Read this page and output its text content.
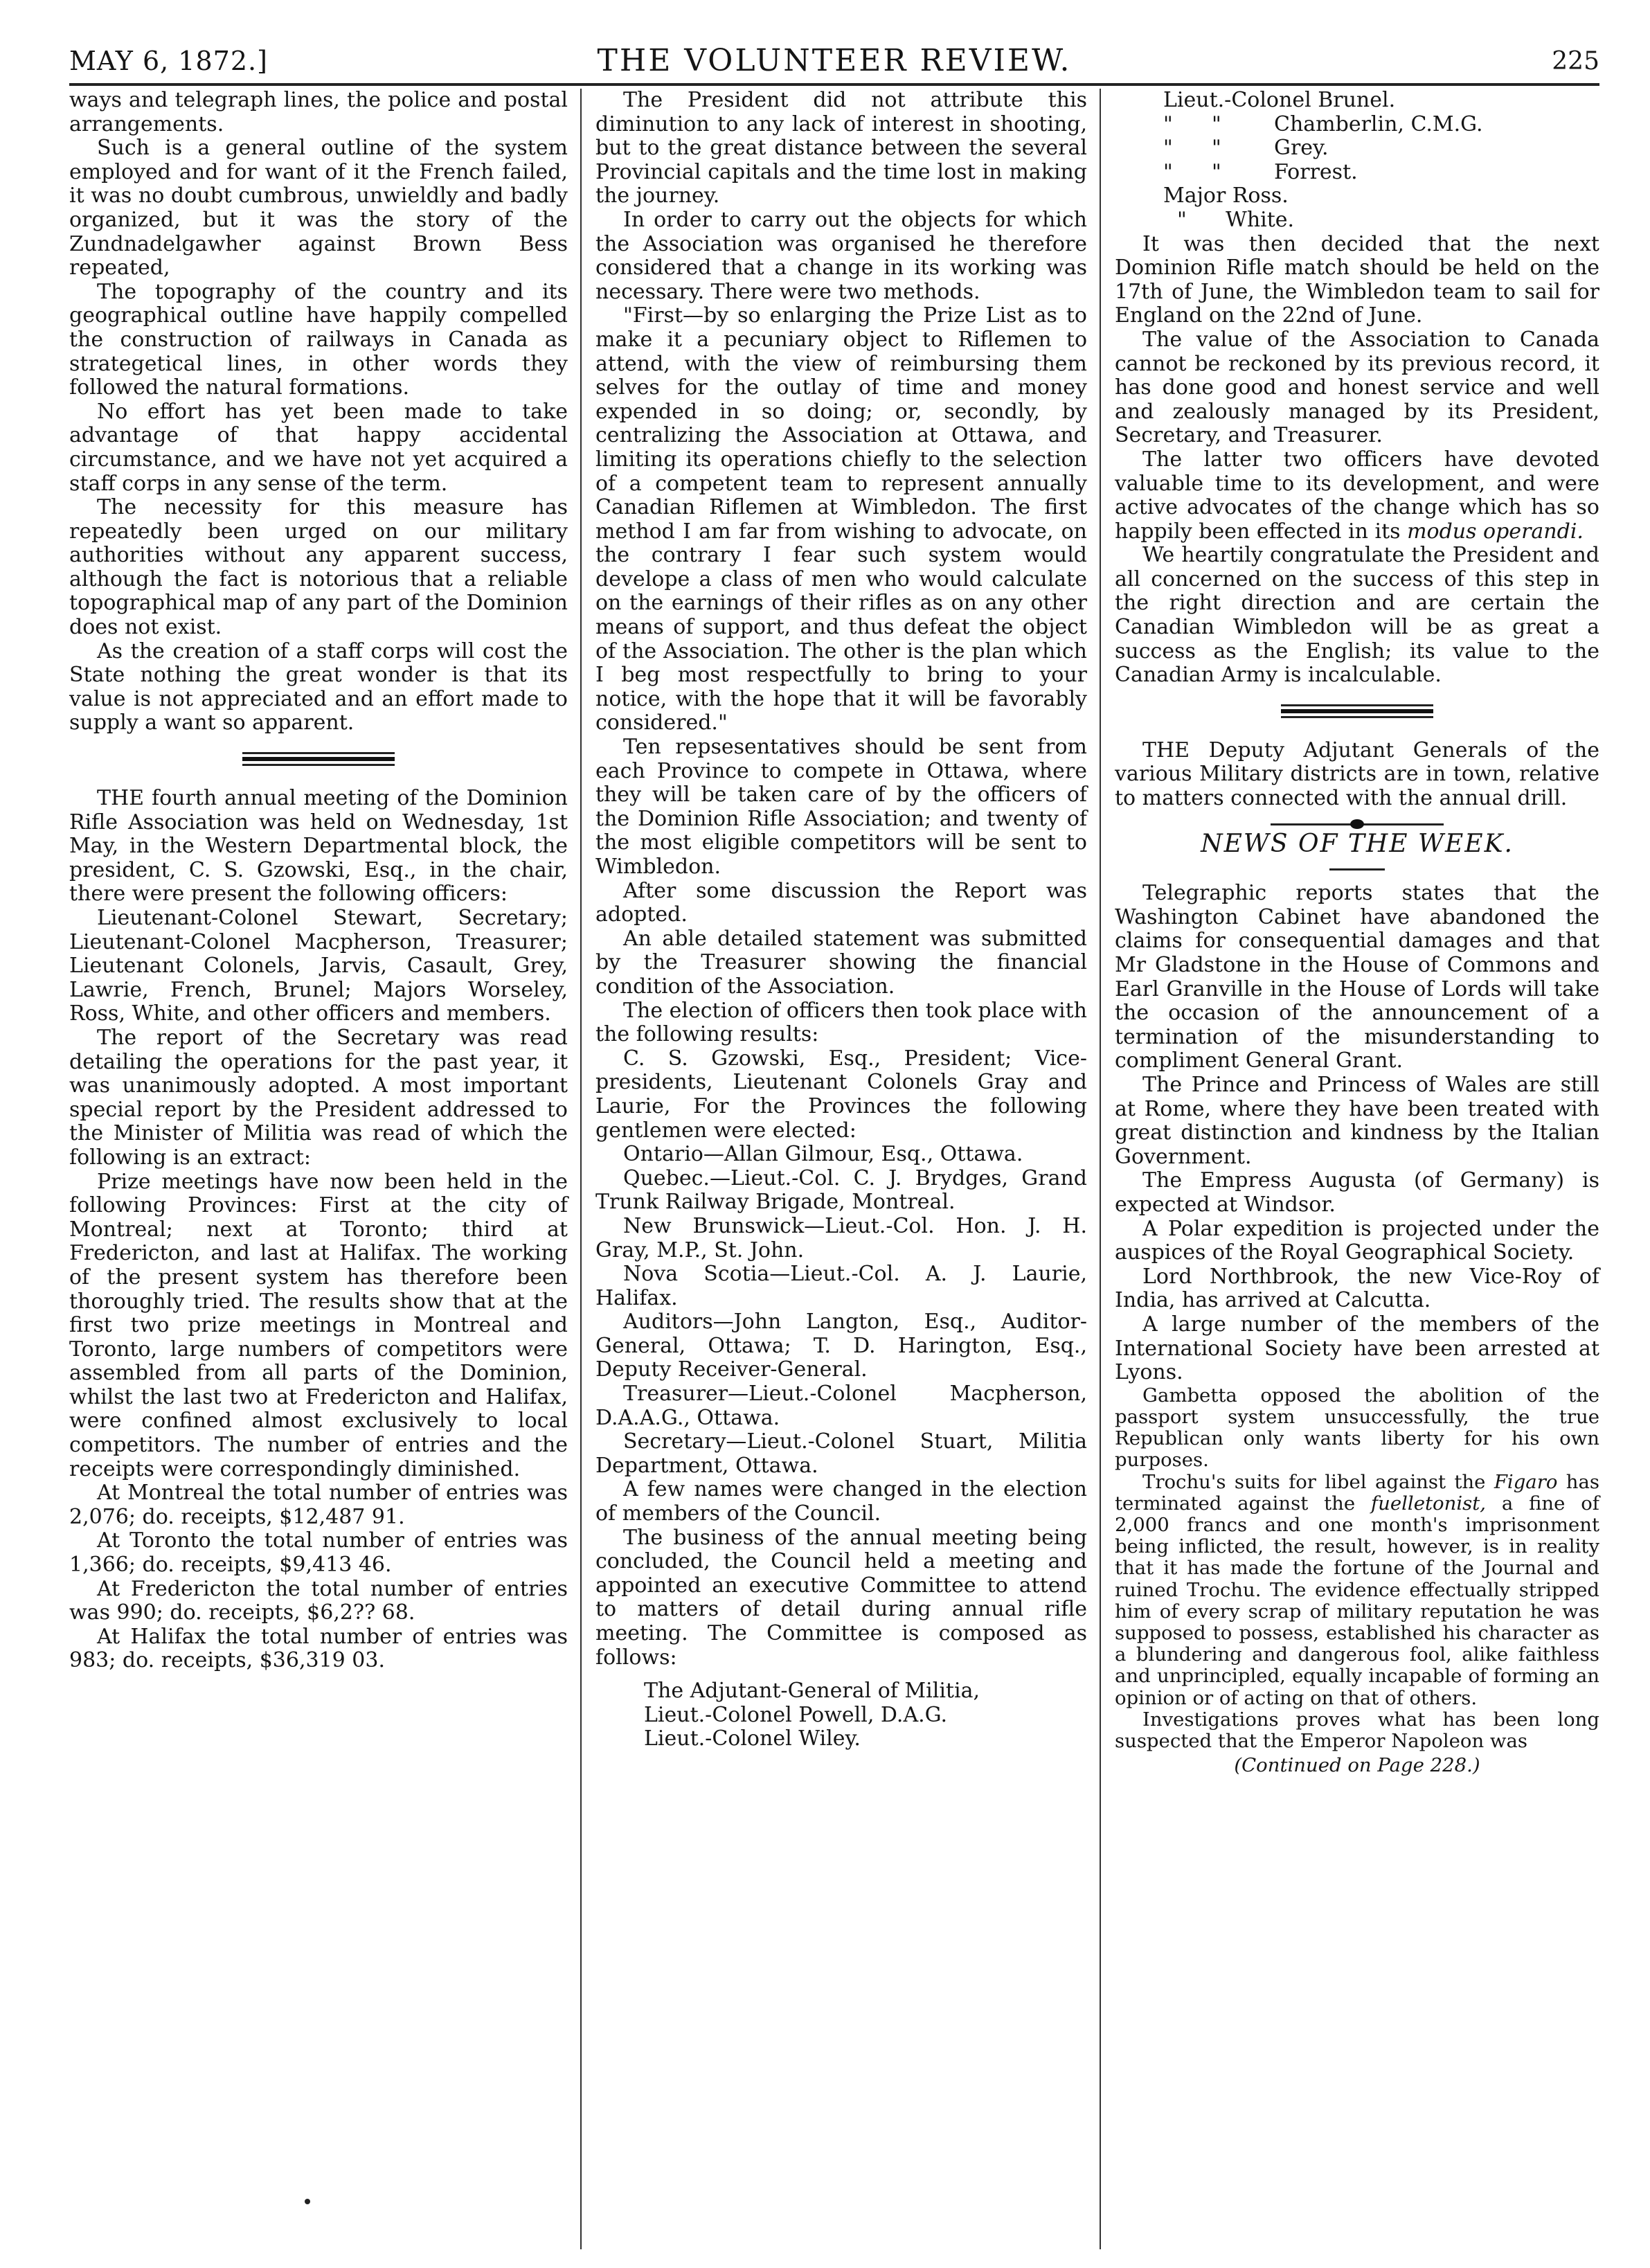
MAY 6, 1872.]	THE VOLUNTEER REVIEW.	225

ways and telegraph lines, the police and postal arrangements.

Such is a general outline of the system employed and for want of it the French failed, it was no doubt cumbrous, unwieldly and badly organized, but it was the story of the Zundnadelgawher against Brown Bess repeated,

The topography of the country and its geographical outline have happily compelled the construction of railways in Canada as strategetical lines, in other words they followed the natural formations.

No effort has yet been made to take advantage of that happy accidental circumstance, and we have not yet acquired a staff corps in any sense of the term.

The necessity for this measure has repeatedly been urged on our military authorities without any apparent success, although the fact is notorious that a reliable topographical map of any part of the Dominion does not exist.

As the creation of a staff corps will cost the State nothing the great wonder is that its value is not appreciated and an effort made to supply a want so apparent.

THE fourth annual meeting of the Dominion Rifle Association was held on Wednesday, 1st May, in the Western Departmental block, the president, C. S. Gzowski, Esq., in the chair, there were present the following officers:

Lieutenant-Colonel Stewart, Secretary; Lieutenant-Colonel Macpherson, Treasurer; Lieutenant Colonels, Jarvis, Casault, Grey, Lawrie, French, Brunel; Majors Worseley, Ross, White, and other officers and members.

The report of the Secretary was read detailing the operations for the past year, it was unanimously adopted. A most important special report by the President addressed to the Minister of Militia was read of which the following is an extract:

Prize meetings have now been held in the following Provinces: First at the city of Montreal; next at Toronto; third at Fredericton, and last at Halifax. The working of the present system has therefore been thoroughly tried. The results show that at the first two prize meetings in Montreal and Toronto, large numbers of competitors were assembled from all parts of the Dominion, whilst the last two at Fredericton and Halifax, were confined almost exclusively to local competitors. The number of entries and the receipts were correspondingly diminished.

At Montreal the total number of entries was 2,076; do. receipts, $12,487 91.

At Toronto the total number of entries was 1,366; do. receipts, $9,413 46.

At Fredericton the total number of entries was 990; do. receipts, $6,2?? 68.

At Halifax the total number of entries was 983; do. receipts, $36,319 03.

The President did not attribute this diminution to any lack of interest in shooting, but to the great distance between the several Provincial capitals and the time lost in making the journey.

In order to carry out the objects for which the Association was organised he therefore considered that a change in its working was necessary. There were two methods.

"First—by so enlarging the Prize List as to make it a pecuniary object to Riflemen to attend, with the view of reimbursing them selves for the outlay of time and money expended in so doing; or, secondly, by centralizing the Association at Ottawa, and limiting its operations chiefly to the selection of a competent team to represent annually Canadian Riflemen at Wimbledon. The first method I am far from wishing to advocate, on the contrary I fear such system would develope a class of men who would calculate on the earnings of their rifles as on any other means of support, and thus defeat the object of the Association. The other is the plan which I beg most respectfully to bring to your notice, with the hope that it will be favorably considered."

Ten repsesentatives should be sent from each Province to compete in Ottawa, where they will be taken care of by the officers of the Dominion Rifle Association; and twenty of the most eligible competitors will be sent to Wimbledon.

After some discussion the Report was adopted.

An able detailed statement was submitted by the Treasurer showing the financial condition of the Association.

The election of officers then took place with the following results:

C. S. Gzowski, Esq., President; Vice-presidents, Lieutenant Colonels Gray and Laurie, For the Provinces the following gentlemen were elected:

Ontario—Allan Gilmour, Esq., Ottawa.

Quebec.—Lieut.-Col. C. J. Brydges, Grand Trunk Railway Brigade, Montreal.

New Brunswick—Lieut.-Col. Hon. J. H. Gray, M.P., St. John.

Nova Scotia—Lieut.-Col. A. J. Laurie, Halifax.

Auditors—John Langton, Esq., Auditor-General, Ottawa; T. D. Harington, Esq., Deputy Receiver-General.

Treasurer—Lieut.-Colonel Macpherson, D.A.A.G., Ottawa.

Secretary—Lieut.-Colonel Stuart, Militia Department, Ottawa.

A few names were changed in the election of members of the Council.

The business of the annual meeting being concluded, the Council held a meeting and appointed an executive Committee to attend to matters of detail during annual rifle meeting. The Committee is composed as follows:

The Adjutant-General of Militia,

Lieut.-Colonel Powell, D.A.G.

Lieut.-Colonel Wiley.

Lieut.-Colonel Brunel.
"	"	Chamberlin, C.M.G.
"	"	Grey.
"	"	Forrest.
Major Ross.
"	White.

It was then decided that the next Dominion Rifle match should be held on the 17th of June, the Wimbledon team to sail for England on the 22nd of June.

The value of the Association to Canada cannot be reckoned by its previous record, it has done good and honest service and well and zealously managed by its President, Secretary, and Treasurer.

The latter two officers have devoted valuable time to its development, and were active advocates of the change which has so happily been effected in its modus operandi.

We heartily congratulate the President and all concerned on the success of this step in the right direction and are certain the Canadian Wimbledon will be as great a success as the English; its value to the Canadian Army is incalculable.

THE Deputy Adjutant Generals of the various Military districts are in town, relative to matters connected with the annual drill.

NEWS OF THE WEEK.

Telegraphic reports states that the Washington Cabinet have abandoned the claims for consequential damages and that Mr Gladstone in the House of Commons and Earl Granville in the House of Lords will take the occasion of the announcement of a termination of the misunderstanding to compliment General Grant.

The Prince and Princess of Wales are still at Rome, where they have been treated with great distinction and kindness by the Italian Government.

The Empress Augusta (of Germany) is expected at Windsor.

A Polar expedition is projected under the auspices of the Royal Geographical Society.

Lord Northbrook, the new Vice-Roy of India, has arrived at Calcutta.

A large number of the members of the International Society have been arrested at Lyons.

Gambetta opposed the abolition of the passport system unsuccessfully, the true Republican only wants liberty for his own purposes.

Trochu's suits for libel against the Figaro has terminated against the fuelletonist, a fine of 2,000 francs and one month's imprisonment being inflicted, the result, however, is in reality that it has made the fortune of the Journal and ruined Trochu. The evidence effectually stripped him of every scrap of military reputation he was supposed to possess, established his character as a blundering and dangerous fool, alike faithless and unprincipled, equally incapable of forming an opinion or of acting on that of others.

Investigations proves what has been long suspected that the Emperor Napoleon was

(Continued on Page 228.)
